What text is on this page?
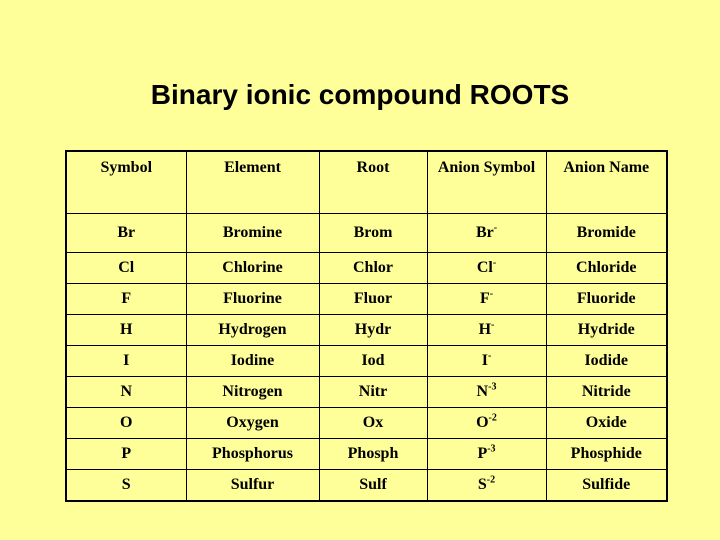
Binary ionic compound ROOTS
Symbol	Element	Root	Anion Symbol	Anion Name
Br	Bromine	Brom	Br-	Bromide
Cl	Chlorine	Chlor	Cl-	Chloride
F	Fluorine	Fluor	F-	Fluoride
H	Hydrogen	Hydr	H-	Hydride
I	Iodine	Iod	I-	Iodide
N	Nitrogen	Nitr	$N^{-3}$	Nitride
O	Oxygen	Ox	$O^{-2}$	Oxide
P	Phosphorus	Phosph	$P^{-3}$	Phosphide
S	Sulfur	Sulf	$S^{-2}$	Sulfide
